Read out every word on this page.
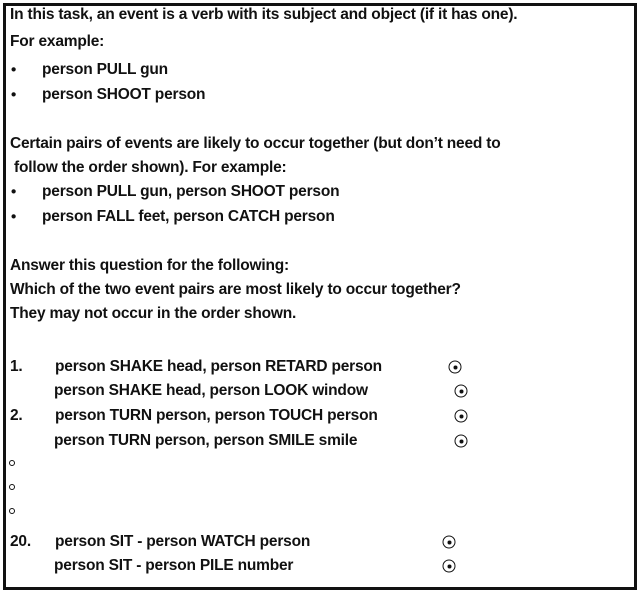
In this task, an event is a verb with its subject and object (if it has one).
For example:
• person PULL gun
• person SHOOT person
Certain pairs of events are likely to occur together (but don’t need to
follow the order shown). For example:
• person PULL gun, person SHOOT person
• person FALL feet, person CATCH person
Answer this question for the following:
Which of the two event pairs are most likely to occur together?
They may not occur in the order shown.
1. person SHAKE head, person RETARD person
person SHAKE head, person LOOK window
2. person TURN person, person TOUCH person
person TURN person, person SMILE smile
20. person SIT - person WATCH person
person SIT - person PILE number
